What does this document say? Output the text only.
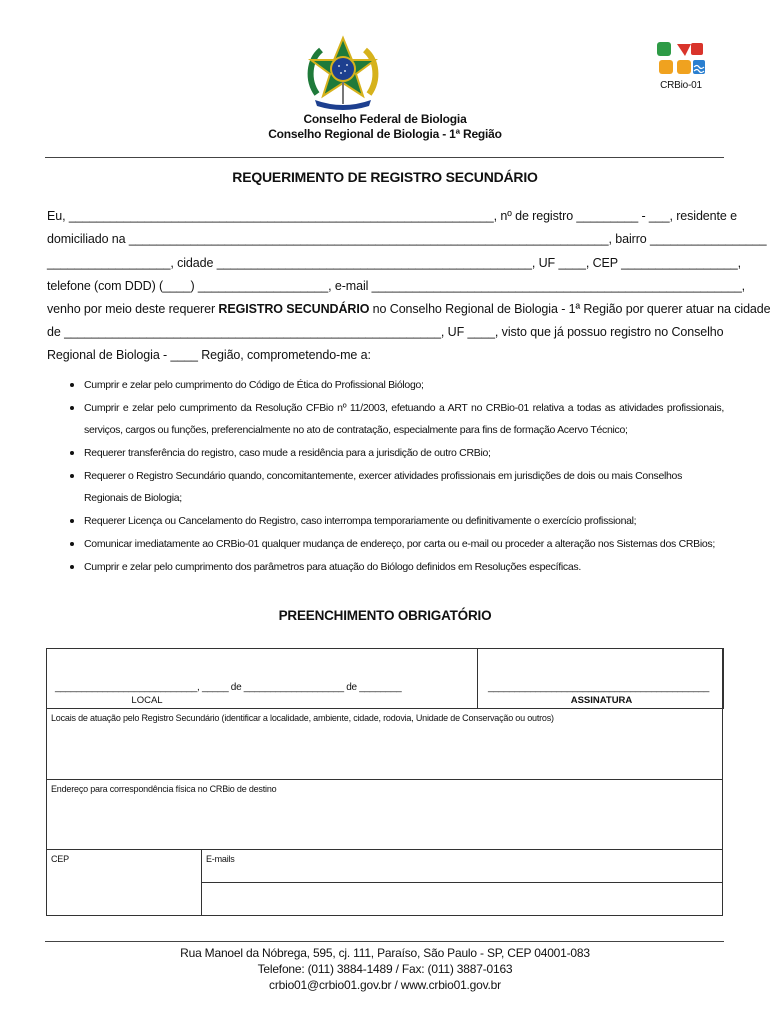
CRBio-01
Conselho Federal de Biologia
Conselho Regional de Biologia - 1ª Região
REQUERIMENTO DE REGISTRO SECUNDÁRIO
Eu, ______________________________________________________________, nº de registro _________ - ___, residente e
domiciliado na ______________________________________________________________________, bairro _________________
__________________, cidade ______________________________________________, UF ____, CEP _________________,
telefone (com DDD) (____) ___________________, e-mail ______________________________________________________,
venho por meio deste requerer REGISTRO SECUNDÁRIO no Conselho Regional de Biologia - 1ª Região por querer atuar na cidade
de _______________________________________________________, UF ____, visto que já possuo registro no Conselho
Regional de Biologia - ____ Região, comprometendo-me a:
• Cumprir e zelar pelo cumprimento do Código de Ética do Profissional Biólogo;
• Cumprir e zelar pelo cumprimento da Resolução CFBio nº 11/2003, efetuando a ART no CRBio-01 relativa a todas as atividades profissionais, serviços, cargos ou funções, preferencialmente no ato de contratação, especialmente para fins de formação Acervo Técnico;
• Requerer transferência do registro, caso mude a residência para a jurisdição de outro CRBio;
• Requerer o Registro Secundário quando, concomitantemente, exercer atividades profissionais em jurisdições de dois ou mais Conselhos Regionais de Biologia;
• Requerer Licença ou Cancelamento do Registro, caso interrompa temporariamente ou definitivamente o exercício profissional;
• Comunicar imediatamente ao CRBio-01 qualquer mudança de endereço, por carta ou e-mail ou proceder a alteração nos Sistemas dos CRBios;
• Cumprir e zelar pelo cumprimento dos parâmetros para atuação do Biólogo definidos em Resoluções específicas.
PREENCHIMENTO OBRIGATÓRIO
___________________________, _____ de ___________________ de ________
LOCAL
__________________________________________
ASSINATURA
Locais de atuação pelo Registro Secundário (identificar a localidade, ambiente, cidade, rodovia, Unidade de Conservação ou outros)
Endereço para correspondência física no CRBio de destino
CEP	E-mails
Rua Manoel da Nóbrega, 595, cj. 111, Paraíso, São Paulo - SP, CEP 04001-083
Telefone: (011) 3884-1489 / Fax: (011) 3887-0163
crbio01@crbio01.gov.br / www.crbio01.gov.br
